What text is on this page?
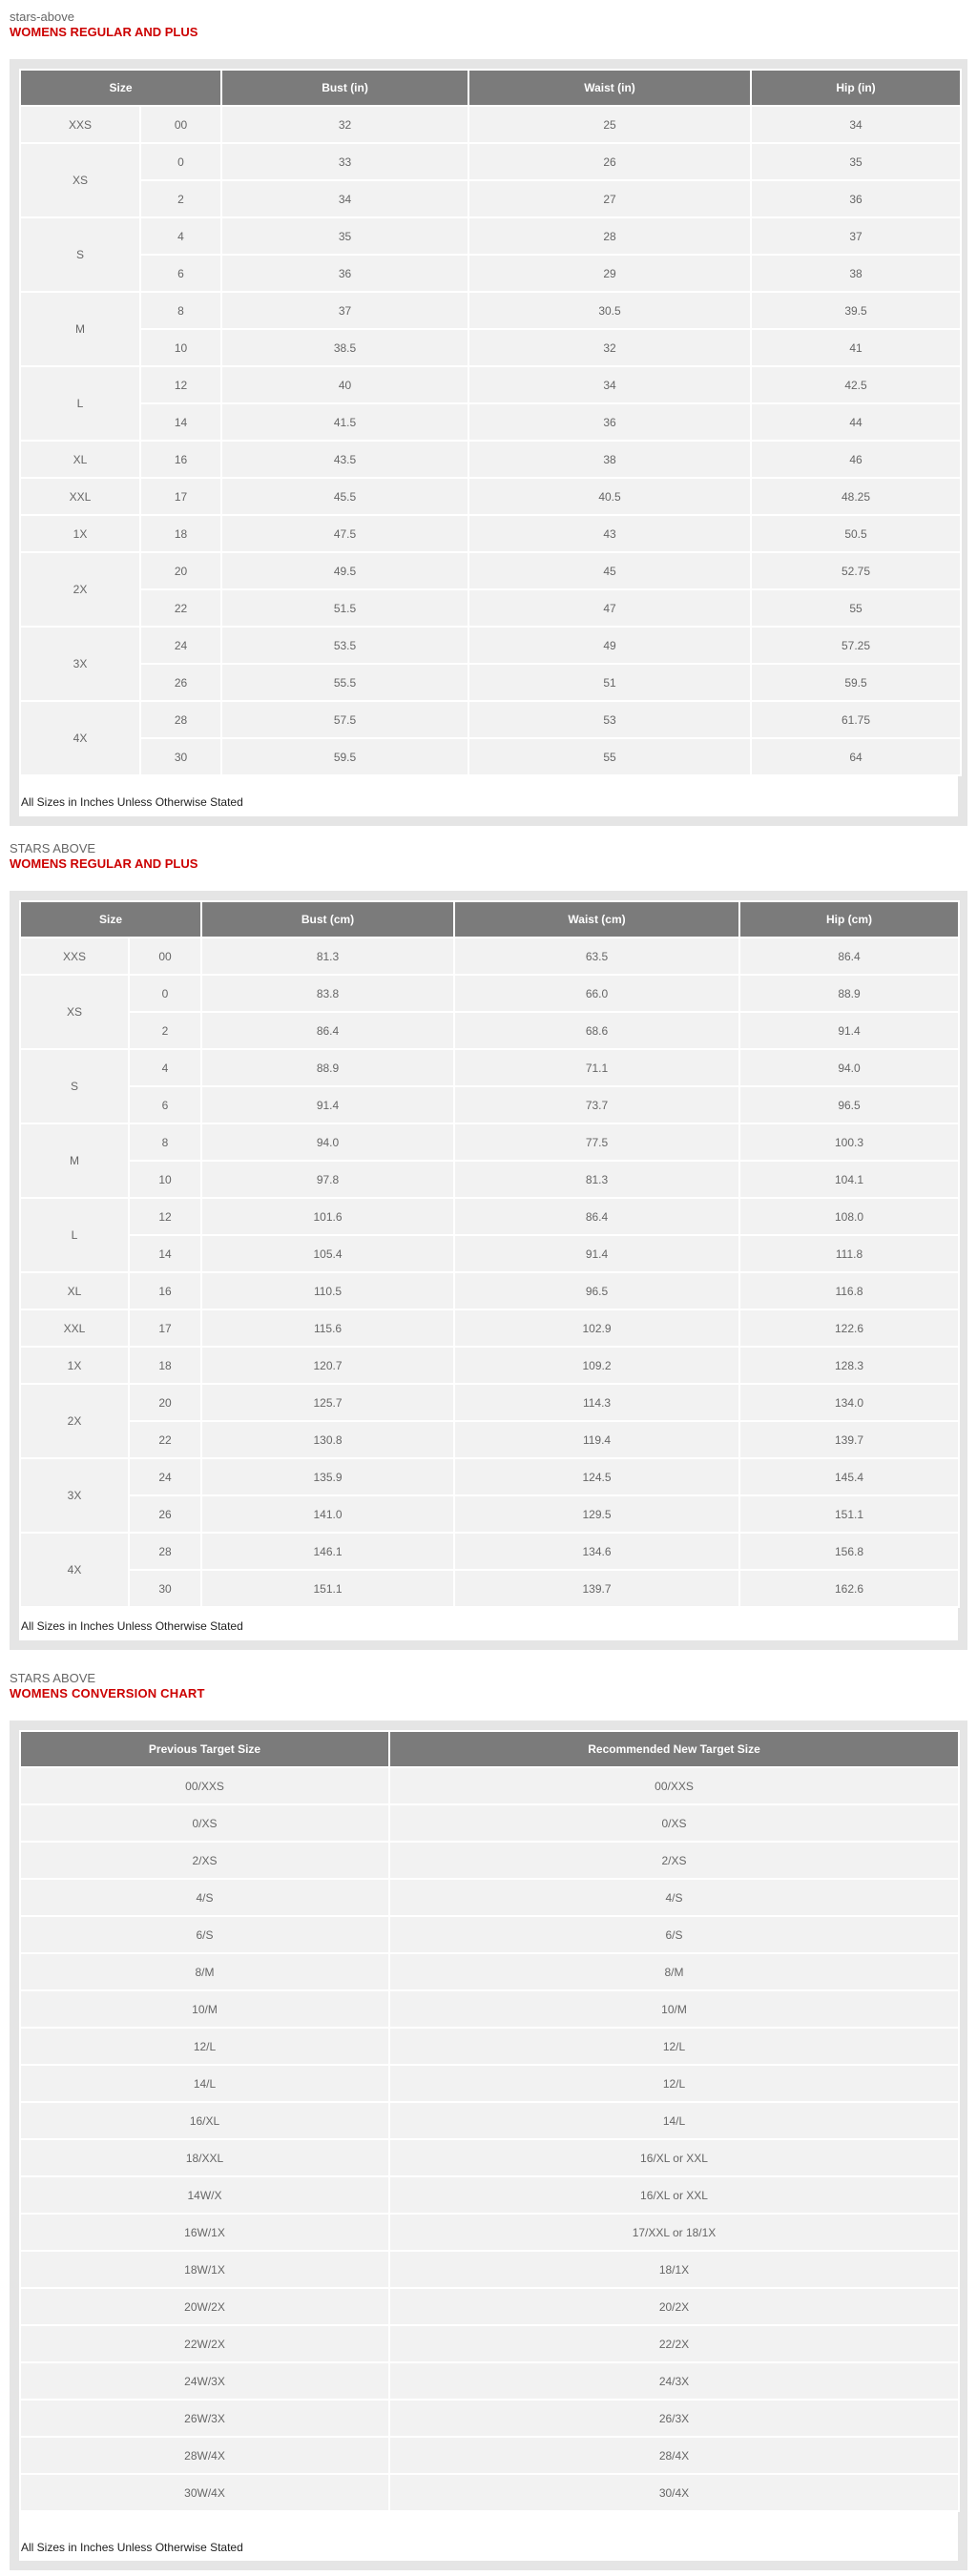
stars-above
WOMENS REGULAR AND PLUS
Size		Bust (in)	Waist (in)	Hip (in)
XXS	00	32	25	34
XS	0	33	26	35
	2	34	27	36
S	4	35	28	37
	6	36	29	38
M	8	37	30.5	39.5
	10	38.5	32	41
L	12	40	34	42.5
	14	41.5	36	44
XL	16	43.5	38	46
XXL	17	45.5	40.5	48.25
1X	18	47.5	43	50.5
2X	20	49.5	45	52.75
	22	51.5	47	55
3X	24	53.5	49	57.25
	26	55.5	51	59.5
4X	28	57.5	53	61.75
	30	59.5	55	64
All Sizes in Inches Unless Otherwise Stated
STARS ABOVE
WOMENS REGULAR AND PLUS
Size		Bust (cm)	Waist (cm)	Hip (cm)
XXS	00	81.3	63.5	86.4
XS	0	83.8	66.0	88.9
	2	86.4	68.6	91.4
S	4	88.9	71.1	94.0
	6	91.4	73.7	96.5
M	8	94.0	77.5	100.3
	10	97.8	81.3	104.1
L	12	101.6	86.4	108.0
	14	105.4	91.4	111.8
XL	16	110.5	96.5	116.8
XXL	17	115.6	102.9	122.6
1X	18	120.7	109.2	128.3
2X	20	125.7	114.3	134.0
	22	130.8	119.4	139.7
3X	24	135.9	124.5	145.4
	26	141.0	129.5	151.1
4X	28	146.1	134.6	156.8
	30	151.1	139.7	162.6
All Sizes in Inches Unless Otherwise Stated
STARS ABOVE
WOMENS CONVERSION CHART
Previous Target Size	Recommended New Target Size
00/XXS	00/XXS
0/XS	0/XS
2/XS	2/XS
4/S	4/S
6/S	6/S
8/M	8/M
10/M	10/M
12/L	12/L
14/L	12/L
16/XL	14/L
18/XXL	16/XL or XXL
14W/X	16/XL or XXL
16W/1X	17/XXL or 18/1X
18W/1X	18/1X
20W/2X	20/2X
22W/2X	22/2X
24W/3X	24/3X
26W/3X	26/3X
28W/4X	28/4X
30W/4X	30/4X
All Sizes in Inches Unless Otherwise Stated
